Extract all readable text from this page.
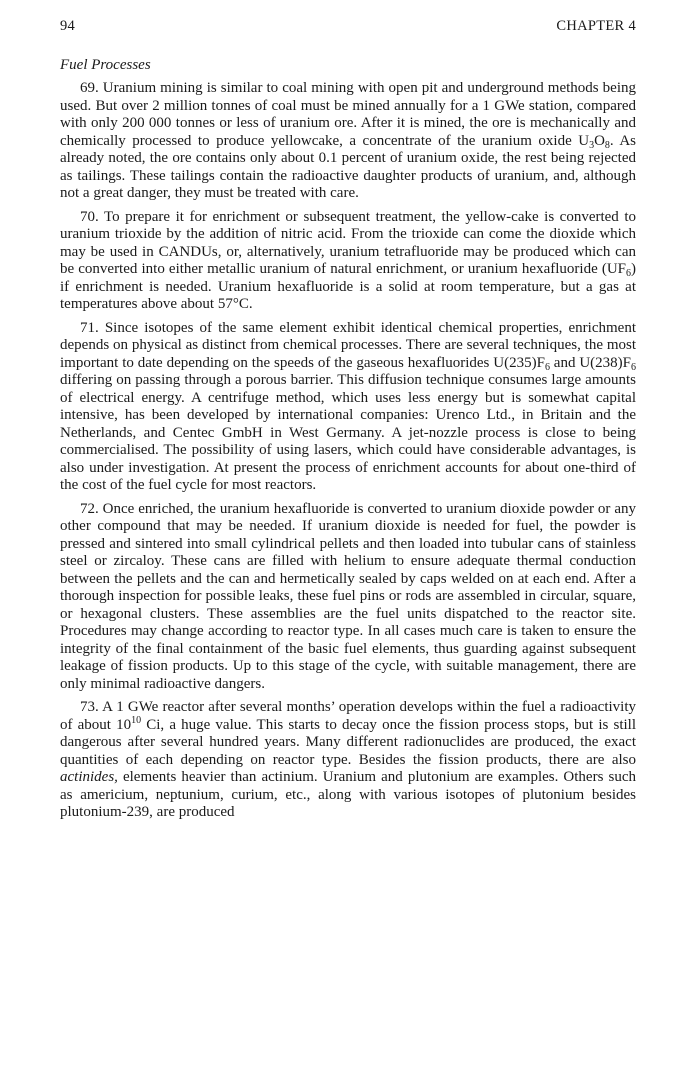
94	CHAPTER 4
Fuel Processes

69. Uranium mining is similar to coal mining with open pit and underground methods being used. But over 2 million tonnes of coal must be mined annually for a 1 GWe station, compared with only 200 000 tonnes or less of uranium ore. After it is mined, the ore is mechanically and chemically processed to produce yellowcake, a concentrate of the uranium oxide $U_3O_8$. As already noted, the ore contains only about 0.1 percent of uranium oxide, the rest being rejected as tailings. These tailings contain the radioactive daughter products of uranium, and, although not a great danger, they must be treated with care.

70. To prepare it for enrichment or subsequent treatment, the yellow-cake is converted to uranium trioxide by the addition of nitric acid. From the trioxide can come the dioxide which may be used in CANDUs, or, alternatively, uranium tetrafluoride may be produced which can be converted into either metallic uranium of natural enrichment, or uranium hexafluoride $(UF_6)$ if enrichment is needed. Uranium hexafluoride is a solid at room temperature, but a gas at temperatures above about 57°C.

71. Since isotopes of the same element exhibit identical chemical properties, enrichment depends on physical as distinct from chemical processes. There are several techniques, the most important to date depending on the speeds of the gaseous hexafluorides $U(235)F_6$ and $U(238)F_6$ differing on passing through a porous barrier. This diffusion technique consumes large amounts of electrical energy. A centrifuge method, which uses less energy but is somewhat capital intensive, has been developed by international companies: Urenco Ltd., in Britain and the Netherlands, and Centec GmbH in West Germany. A jet-nozzle process is close to being commercialised. The possibility of using lasers, which could have considerable advantages, is also under investigation. At present the process of enrichment accounts for about one-third of the cost of the fuel cycle for most reactors.

72. Once enriched, the uranium hexafluoride is converted to uranium dioxide powder or any other compound that may be needed. If uranium dioxide is needed for fuel, the powder is pressed and sintered into small cylindrical pellets and then loaded into tubular cans of stainless steel or zircaloy. These cans are filled with helium to ensure adequate thermal conduction between the pellets and the can and hermetically sealed by caps welded on at each end. After a thorough inspection for possible leaks, these fuel pins or rods are assembled in circular, square, or hexagonal clusters. These assemblies are the fuel units dispatched to the reactor site. Procedures may change according to reactor type. In all cases much care is taken to ensure the integrity of the final containment of the basic fuel elements, thus guarding against subsequent leakage of fission products. Up to this stage of the cycle, with suitable management, there are only minimal radioactive dangers.

73. A 1 GWe reactor after several months’ operation develops within the fuel a radioactivity of about $10^{10}$ Ci, a huge value. This starts to decay once the fission process stops, but is still dangerous after several hundred years. Many different radionuclides are produced, the exact quantities of each depending on reactor type. Besides the fission products, there are also actinides, elements heavier than actinium. Uranium and plutonium are examples. Others such as americium, neptunium, curium, etc., along with various isotopes of plutonium besides plutonium-239, are produced
